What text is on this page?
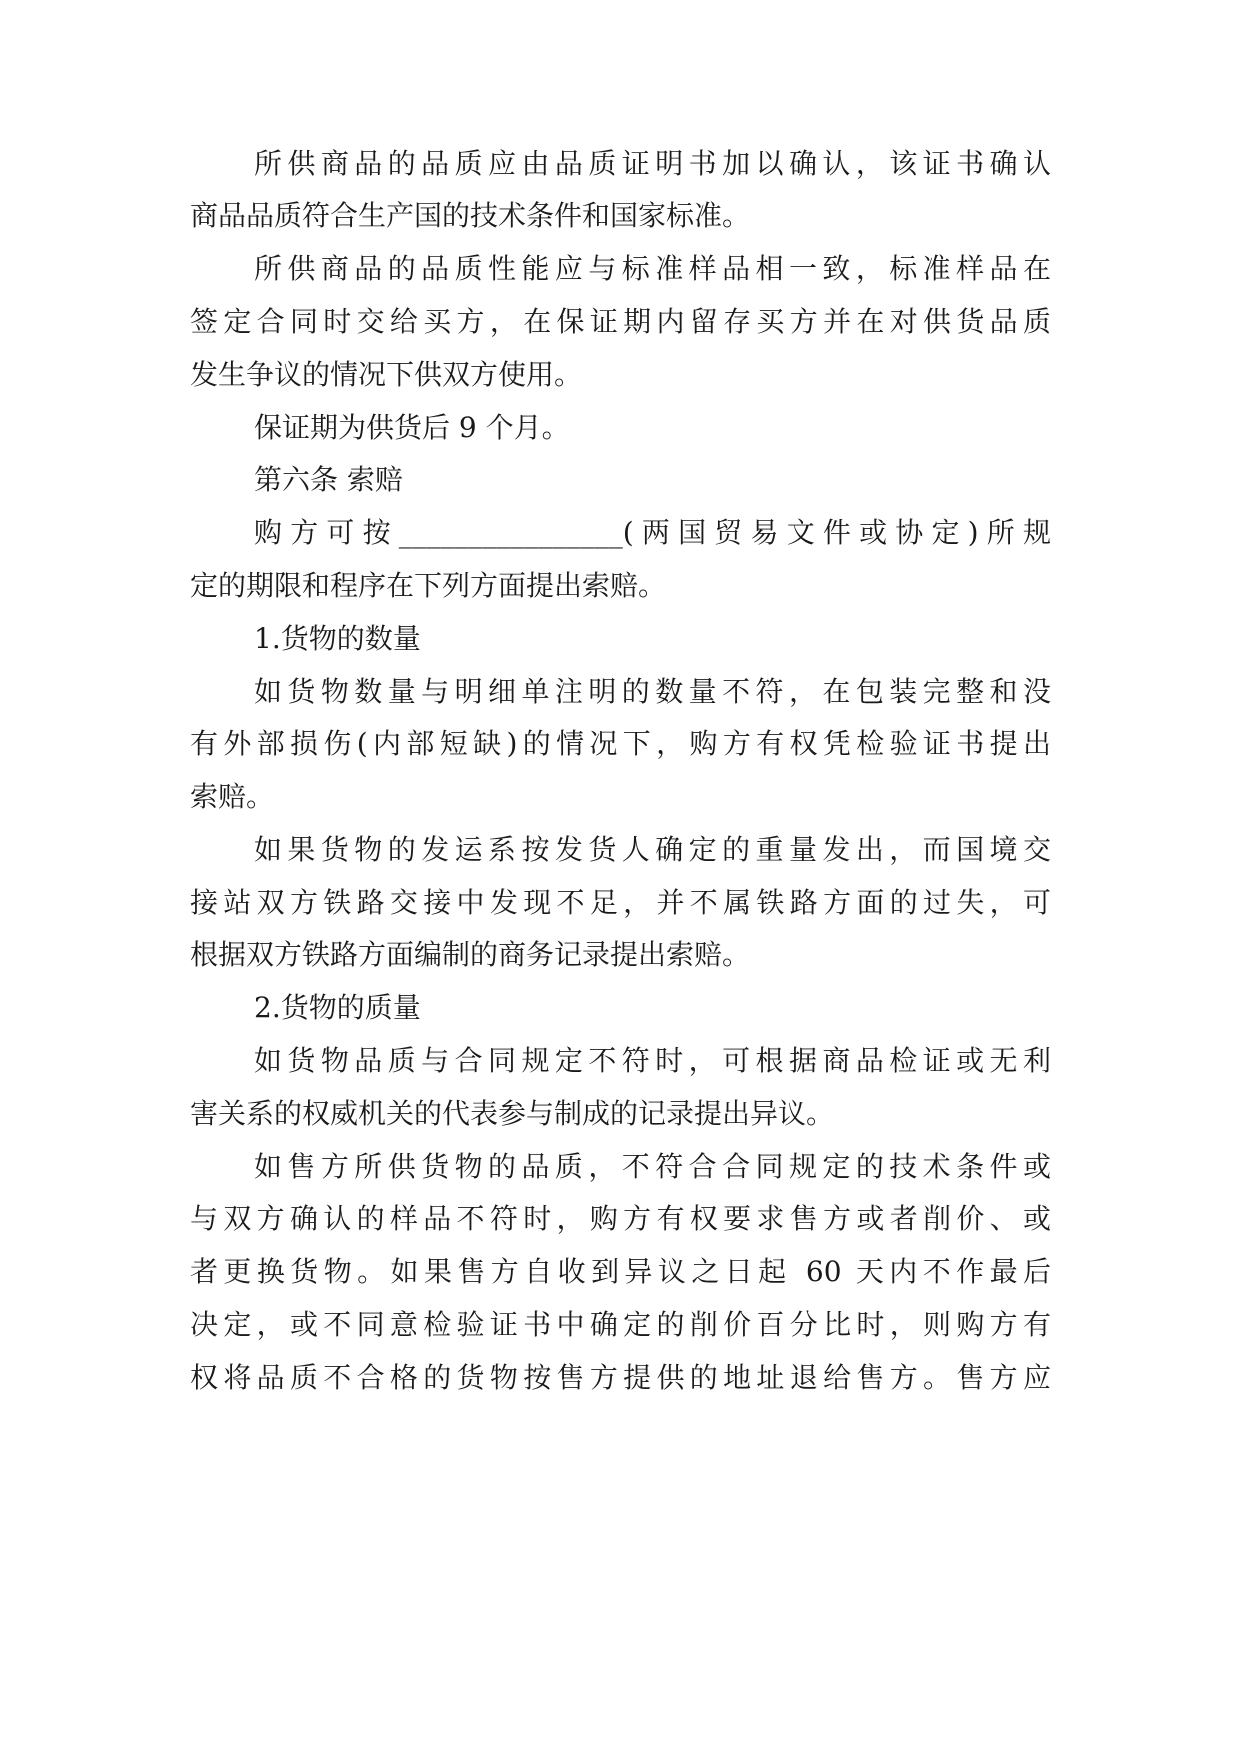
所供商品的品质应由品质证明书加以确认，该证书确认
商品品质符合生产国的技术条件和国家标准。
所供商品的品质性能应与标准样品相一致，标准样品在
签定合同时交给买方，在保证期内留存买方并在对供货品质
发生争议的情况下供双方使用。
保证期为供货后 9 个月。
第六条 索赔
购方可按________________(两国贸易文件或协定)所规
定的期限和程序在下列方面提出索赔。
1.货物的数量
如货物数量与明细单注明的数量不符，在包装完整和没
有外部损伤(内部短缺)的情况下，购方有权凭检验证书提出
索赔。
如果货物的发运系按发货人确定的重量发出，而国境交
接站双方铁路交接中发现不足，并不属铁路方面的过失，可
根据双方铁路方面编制的商务记录提出索赔。
2.货物的质量
如货物品质与合同规定不符时，可根据商品检证或无利
害关系的权威机关的代表参与制成的记录提出异议。
如售方所供货物的品质，不符合合同规定的技术条件或
与双方确认的样品不符时，购方有权要求售方或者削价、或
者更换货物。如果售方自收到异议之日起 60 天内不作最后
决定，或不同意检验证书中确定的削价百分比时，则购方有
权将品质不合格的货物按售方提供的地址退给售方。售方应
